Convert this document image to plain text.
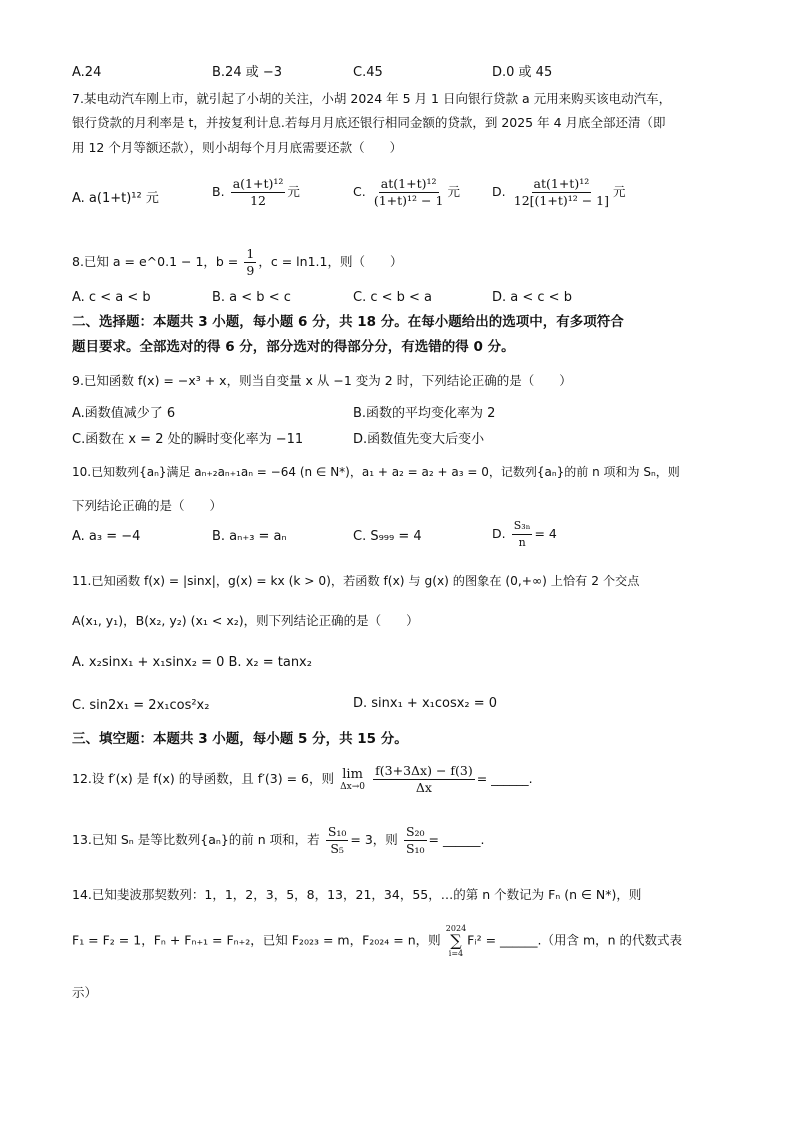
A.24	B.24 或 −3	C.45	D.0 或 45
7.某电动汽车刚上市，就引起了小胡的关注，小胡 2024 年 5 月 1 日向银行贷款 a 元用来购买该电动汽车，
银行贷款的月利率是 t，并按复利计息.若每月月底还银行相同金额的贷款，到 2025 年 4 月底全部还清（即
用 12 个月等额还款），则小胡每个月月底需要还款（　　）
A. a(1+t)¹² 元	B. $\frac{\text{a(1+t)¹²}}{12}$ 元	C. $\frac{\text{at(1+t)¹²}}{\text{(1+t)¹² − 1}}$ 元	D. $\frac{\text{at(1+t)¹²}}{\text{12[(1+t)¹² − 1]}}$ 元
8.已知 a = e^0.1 − 1，$b = \frac{1}{9}$ ，c = ln1.1，则（　　）
A. c < a < b	B. a < b < c	C. c < b < a	D. a < c < b
二、选择题：本题共 3 小题，每小题 6 分，共 18 分。在每小题给出的选项中，有多项符合
题目要求。全部选对的得 6 分，部分选对的得部分分，有选错的得 0 分。
9.已知函数 f(x) = −x³ + x，则当自变量 x 从 −1 变为 2 时，下列结论正确的是（　　）
A.函数值减少了 6	B.函数的平均变化率为 2
C.函数在 x = 2 处的瞬时变化率为 −11	D.函数值先变大后变小
10.已知数列{aₙ}满足 aₙ₊₂aₙ₊₁aₙ = −64 (n ∈ N*)，a₁ + a₂ = a₂ + a₃ = 0，记数列{aₙ}的前 n 项和为 Sₙ，则
下列结论正确的是（　　）
A. a₃ = −4	B. aₙ₊₃ = aₙ	C. S₉₉₉ = 4	D. $\frac{\text{S₃ₙ}}{n} = 4$
11.已知函数 f(x) = |sinx|，g(x) = kx (k > 0)，若函数 f(x) 与 g(x) 的图象在 (0,+∞) 上恰有 2 个交点
A(x₁, y₁)，B(x₂, y₂) (x₁ < x₂)，则下列结论正确的是（　　）
A. x₂sinx₁ + x₁sinx₂ = 0 B. x₂ = tanx₂
C. sin2x₁ = 2x₁cos²x₂	D. sinx₁ + x₁cosx₂ = 0
三、填空题：本题共 3 小题，每小题 5 分，共 15 分。
12.设 f′(x) 是 f(x) 的导函数，且 f′(3) = 6，则 lim
Δx→0
$\frac{f(3+3\Delta x) - f(3)}{\Delta x}$ = ______.
13.已知 Sₙ 是等比数列{aₙ}的前 n 项和，若 $\frac{\text{S₁₀}}{\text{S₅}} = 3$，则 $\frac{\text{S₂₀}}{\text{S₁₀}}$ = ______.
14.已知斐波那契数列：1，1，2，3，5，8，13，21，34，55，…的第 n 个数记为 Fₙ (n ∈ N*)，则
F₁ = F₂ = 1，Fₙ + Fₙ₊₁ = Fₙ₊₂，已知 F₂₀₂₃ = m，F₂₀₂₄ = n，则
2024
∑
i=4
Fᵢ² = ______.（用含 m，n 的代数式表
示）
